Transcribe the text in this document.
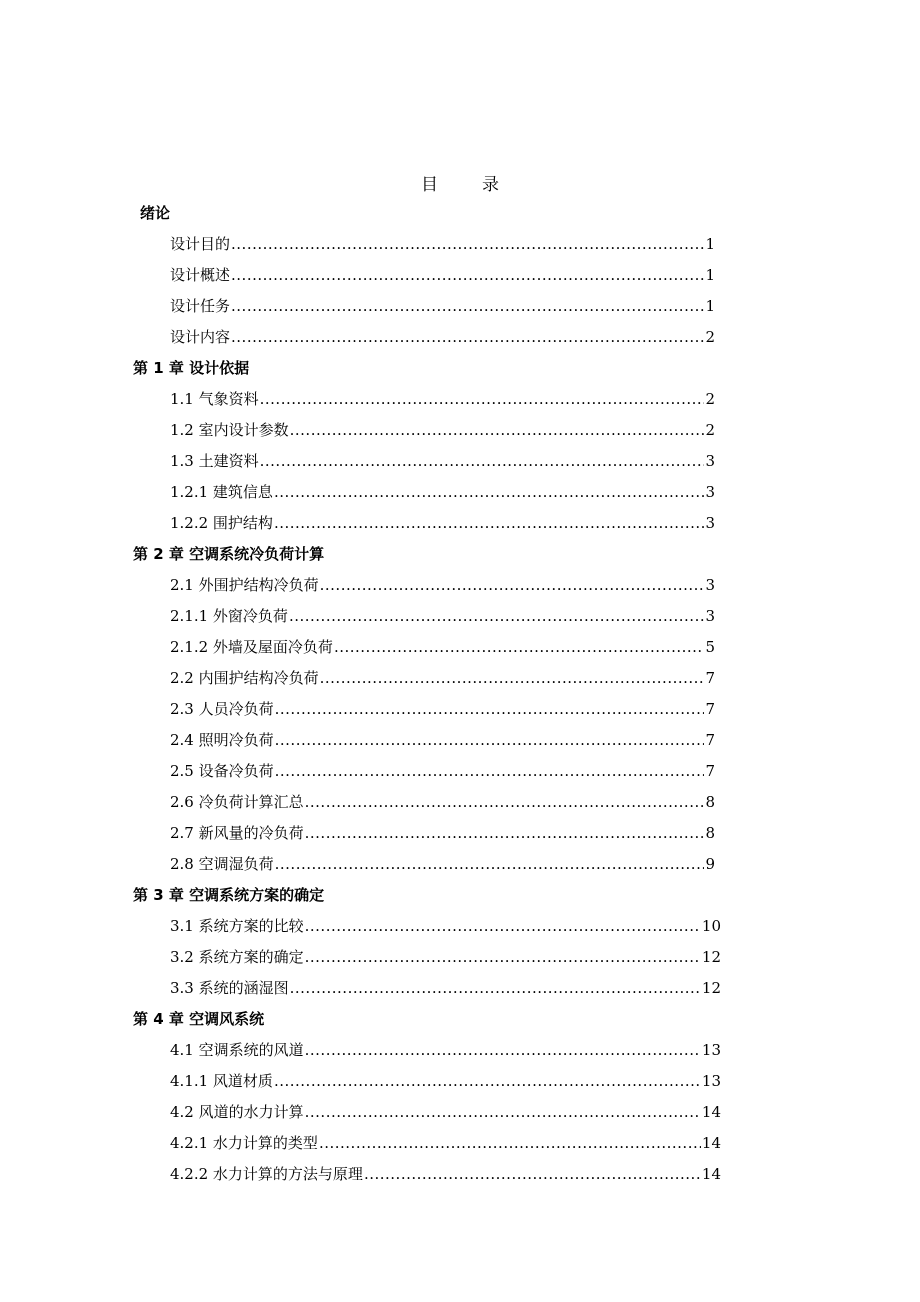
目	录
绪论
设计目的 .....	1
设计概述 .....	1
设计任务 .....	1
设计内容 .....	2
第 1 章 设计依据
1.1 气象资料 .....	2
1.2 室内设计参数 .....	2
1.3 土建资料 .....	3
1.2.1 建筑信息 .....	3
1.2.2 围护结构 .....	3
第 2 章 空调系统冷负荷计算
2.1 外围护结构冷负荷 .....	3
2.1.1 外窗冷负荷 .....	3
2.1.2 外墙及屋面冷负荷 .....	5
2.2 内围护结构冷负荷 .....	7
2.3 人员冷负荷 .....	7
2.4 照明冷负荷 .....	7
2.5 设备冷负荷 .....	7
2.6 冷负荷计算汇总 .....	8
2.7 新风量的冷负荷 .....	8
2.8 空调湿负荷 .....	9
第 3 章 空调系统方案的确定
3.1 系统方案的比较 .....	10
3.2 系统方案的确定 .....	12
3.3 系统的涵湿图 .....	12
第 4 章 空调风系统
4.1 空调系统的风道 .....	13
4.1.1 风道材质 .....	13
4.2 风道的水力计算 .....	14
4.2.1 水力计算的类型 .....	14
4.2.2 水力计算的方法与原理 .....	14
